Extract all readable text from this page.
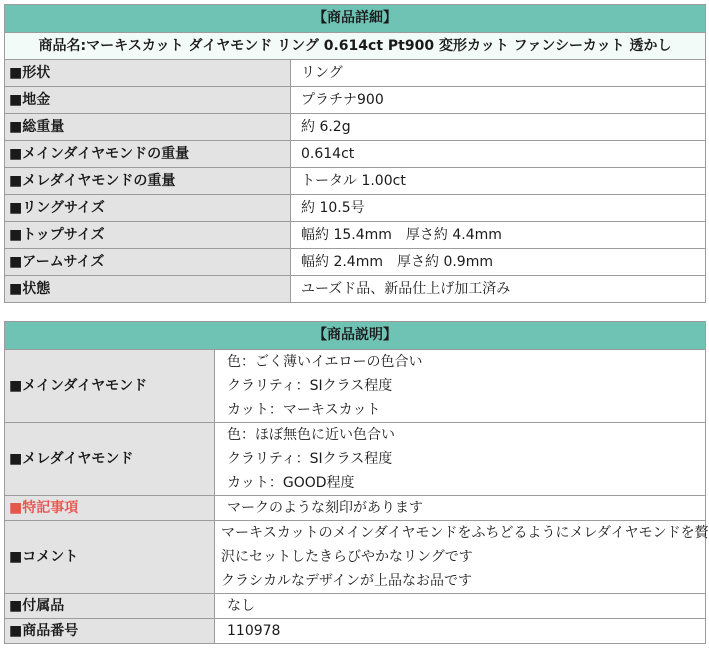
【商品詳細】	
商品名:マーキスカット ダイヤモンド リング 0.614ct Pt900 変形カット ファンシーカット 透かし	
■形状	リング
■地金	プラチナ900
■総重量	約 6.2g
■メインダイヤモンドの重量	0.614ct
■メレダイヤモンドの重量	トータル 1.00ct
■リングサイズ	約 10.5号
■トップサイズ	幅約 15.4mm　厚さ約 4.4mm
■アームサイズ	幅約 2.4mm　厚さ約 0.9mm
■状態	ユーズド品、新品仕上げ加工済み
【商品説明】	
■メインダイヤモンド	色：ごく薄いイエローの色合い
クラリティ：SIクラス程度
カット：マーキスカット

■メレダイヤモンド	色：ほぼ無色に近い色合い
クラリティ：SIクラス程度
カット：GOOD程度

■特記事項	マークのような刻印があります
■コメント	マーキスカットのメインダイヤモンドをふちどるようにメレダイヤモンドを贅
沢にセットしたきらびやかなリングです
クラシカルなデザインが上品なお品です

■付属品	なし
■商品番号	110978
